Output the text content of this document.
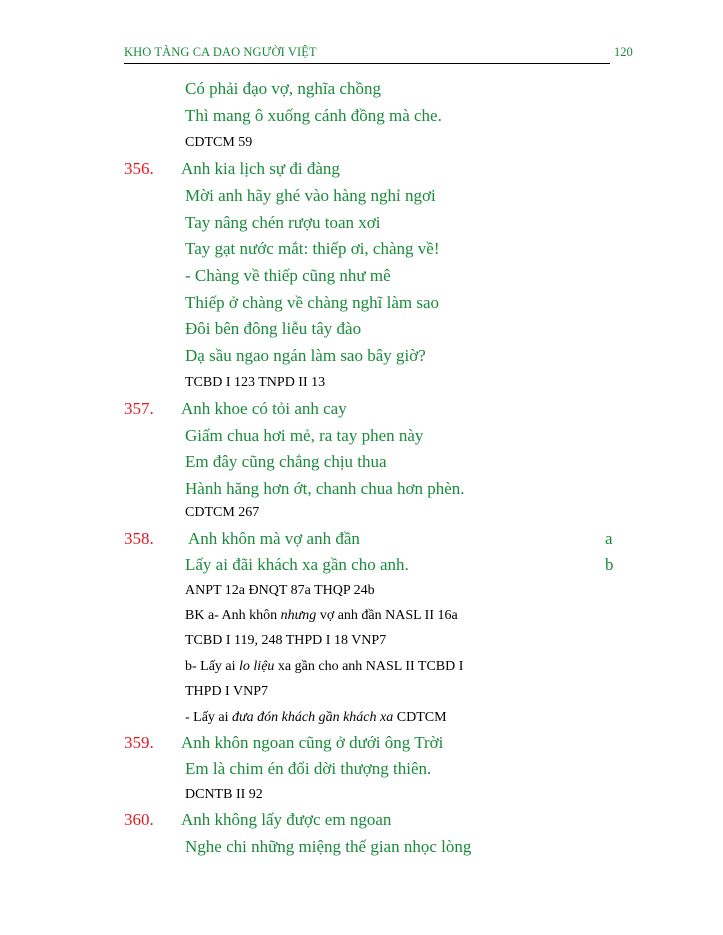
KHO TÀNG CA DAO NGƯỜI VIỆT	120
Có phải đạo vợ, nghĩa chồng
Thì mang ô xuống cánh đồng mà che.
CDTCM 59
356. Anh kia lịch sự đi đàng
Mời anh hãy ghé vào hàng nghỉ ngơi
Tay nâng chén rượu toan xơi
Tay gạt nước mắt: thiếp ơi, chàng về!
- Chàng về thiếp cũng như mê
Thiếp ở chàng về chàng nghĩ làm sao
Đôi bên đông liễu tây đào
Dạ sầu ngao ngán làm sao bây giờ?
TCBD I 123 TNPD II 13
357. Anh khoe có tỏi anh cay
Giấm chua hơi mẻ, ra tay phen này
Em đây cũng chẳng chịu thua
Hành hăng hơn ớt, chanh chua hơn phèn.
CDTCM 267
358. Anh khôn mà vợ anh đần	a
Lấy ai đãi khách xa gần cho anh.	b
ANPT 12a ĐNQT 87a THQP 24b
BK a- Anh khôn nhưng vợ anh đần NASL II 16a
TCBD I 119, 248 THPD I 18 VNP7
b- Lấy ai lo liệu xa gần cho anh NASL II TCBD I
THPD I VNP7
- Lấy ai đưa đón khách gần khách xa CDTCM
359. Anh khôn ngoan cũng ở dưới ông Trời
Em là chim én đổi dời thượng thiên.
DCNTB II 92
360. Anh không lấy được em ngoan
Nghe chi những miệng thế gian nhọc lòng
